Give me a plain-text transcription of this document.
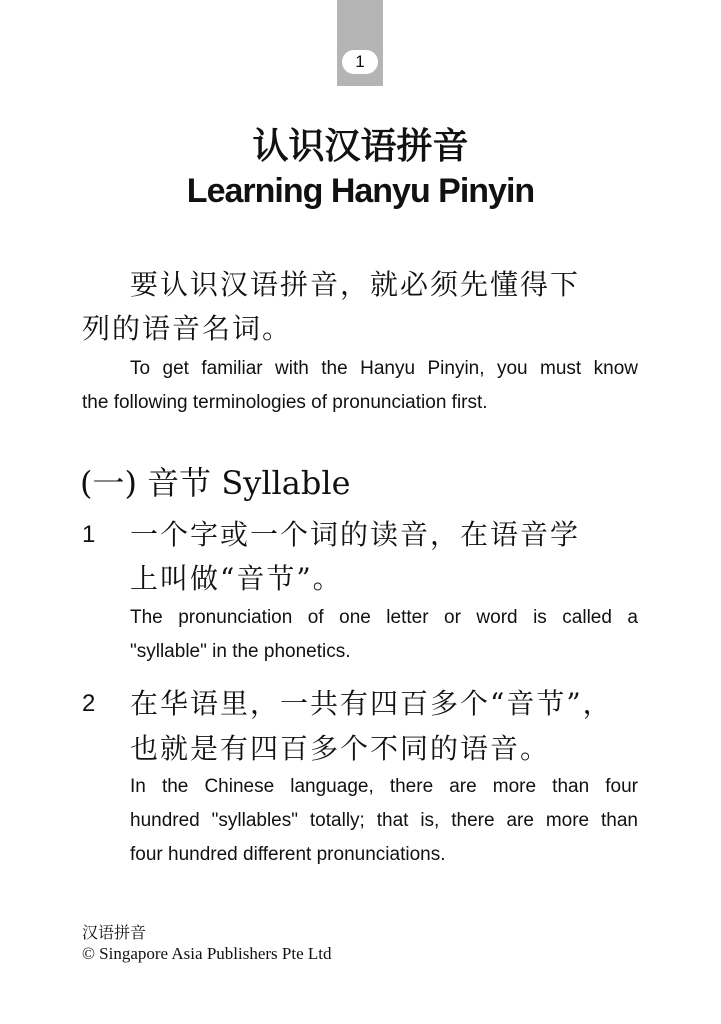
1
认识汉语拼音
Learning Hanyu Pinyin
要认识汉语拼音，就必须先懂得下
列的语音名词。
To get familiar with the Hanyu Pinyin, you must know
the following terminologies of pronunciation first.
(一) 音节 Syllable
1 一个字或一个词的读音，在语音学
上叫做“音节”。
The pronunciation of one letter or word is called a
"syllable" in the phonetics.
2 在华语里，一共有四百多个“音节”，
也就是有四百多个不同的语音。
In the Chinese language, there are more than four
hundred "syllables" totally; that is, there are more than
four hundred different pronunciations.
汉语拼音
© Singapore Asia Publishers Pte Ltd
